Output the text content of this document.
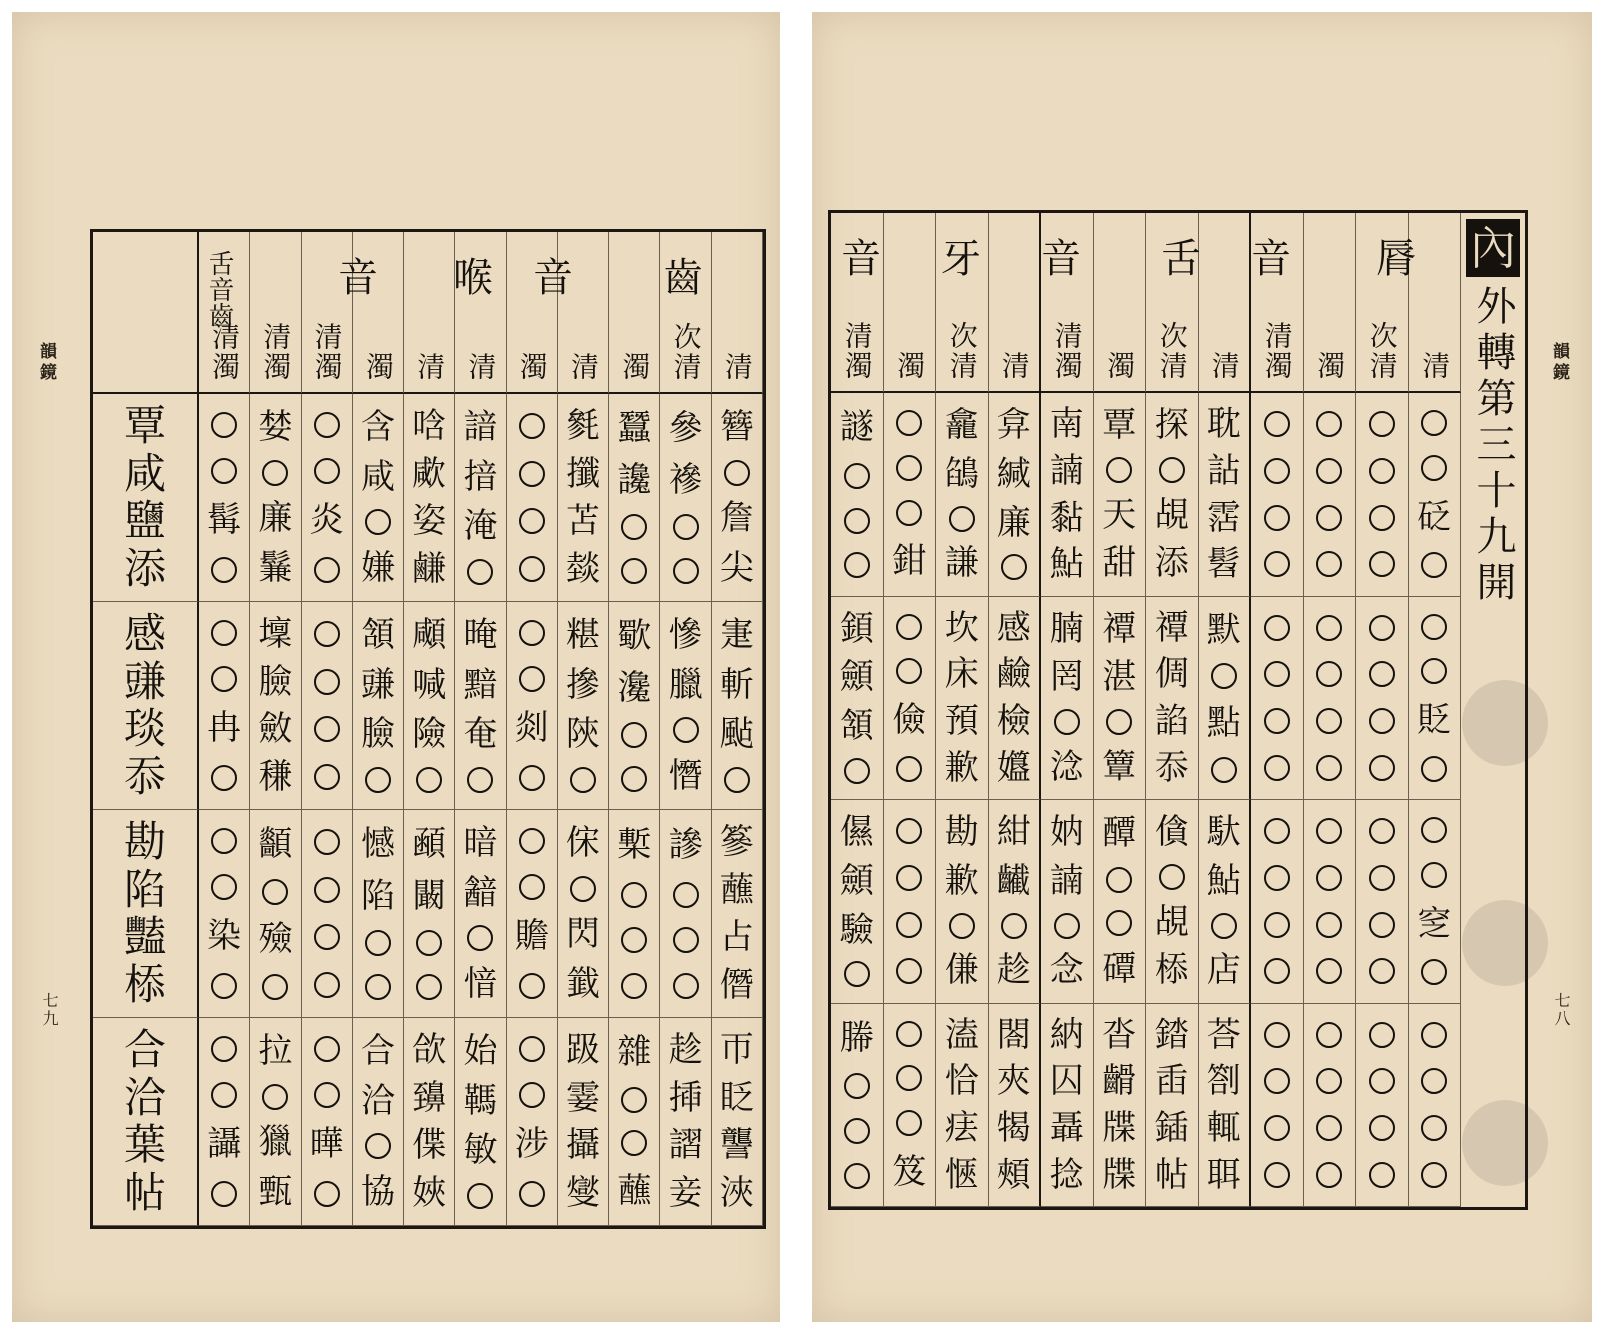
韻鏡
七九
清濁 清濁 清濁 濁 清 清 濁 清 濁 次清 清
齒
音
喉
音
舌音齒
覃
咸
鹽
添
髯
婪
廉
鬑
炎
含
咸
嫌
唅
㰹
姿
鹻
諳
揞
淹
毿
攕
苫
燅
蠶
讒
參
襂
簪
詹
尖
感
豏
琰
忝
冉
壈
臉
斂
稴
頷
豏
臉
顑
喊
險
晻
黯
奄 剡
糂
摻
陝
歜
瀺
慘
臘
憯
寁
斬
颭
勘
陷
豔
㮇
染
顲
殮
憾
陷
顄
闞
暗
韽
愔
贍
俕
閃
韱
槧 謲 篸
蘸
占
僭
合
洽
葉
帖
讘
拉
獵
甄
曄
合
洽
協
欱
䶍
偞
㛍
始
䩻
敏 涉
趿
霎
攝
燮
雜
蘸
趁
揷
謵
妾
帀
眨
讋
浹
韻鏡
七八
內
外轉第三十九開
清濁 濁 次清 清 清濁 濁 次清 清 清濁 濁 次清 清
脣
音
舌
音
牙
音
譢
鉗
龕
鵮
謙
弇
緘
廉
南
諵
黏
鮎
覃
天
甜
探
覘
添
耽
詀
霑
髫
砭
顉
顩
頷 儉
坎
床
預
歉
感
鹼
檢
孂
腩
罔
淰
禫
湛
簟
禫
倜
諂
忝
默
點	貶
儑
顩
驗
勘
歉
傔
紺
䶪
趁
妠
諵
念
醰
磹
僋
覘
㮇
馱
鮎
店
窆
㬺
笈
溘
恰
㾀
愜
閤
夾
㹇
頰
納
囚
聶
捻
沓
䶤
牒
牒
錔
臿
鍤
帖
荅
劄
輒
聑
